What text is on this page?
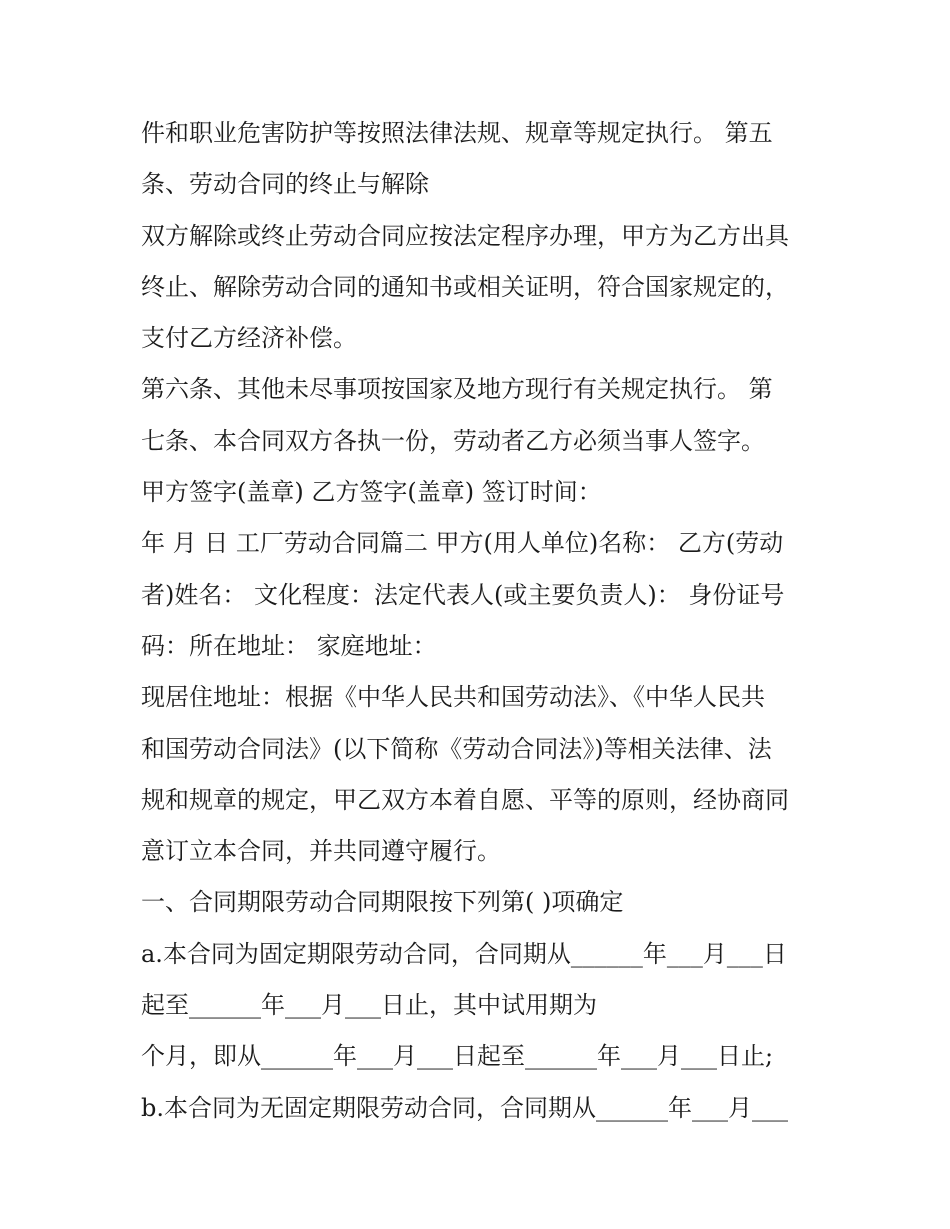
件和职业危害防护等按照法律法规、规章等规定执行。 第五
条、劳动合同的终止与解除
双方解除或终止劳动合同应按法定程序办理，甲方为乙方出具
终止、解除劳动合同的通知书或相关证明，符合国家规定的，
支付乙方经济补偿。
第六条、其他未尽事项按国家及地方现行有关规定执行。 第
七条、本合同双方各执一份，劳动者乙方必须当事人签字。
甲方签字(盖章) 乙方签字(盖章) 签订时间：
年 月 日 工厂劳动合同篇二 甲方(用人单位)名称： 乙方(劳动
者)姓名： 文化程度：法定代表人(或主要负责人)： 身份证号
码：所在地址： 家庭地址：
现居住地址：根据《中华人民共和国劳动法》、《中华人民共
和国劳动合同法》(以下简称《劳动合同法》)等相关法律、法
规和规章的规定，甲乙双方本着自愿、平等的原则，经协商同
意订立本合同，并共同遵守履行。
一、合同期限劳动合同期限按下列第( )项确定
a.本合同为固定期限劳动合同，合同期从______年___月___日
起至______年___月___日止，其中试用期为
个月，即从______年___月___日起至______年___月___日止;
b.本合同为无固定期限劳动合同，合同期从______年___月___
